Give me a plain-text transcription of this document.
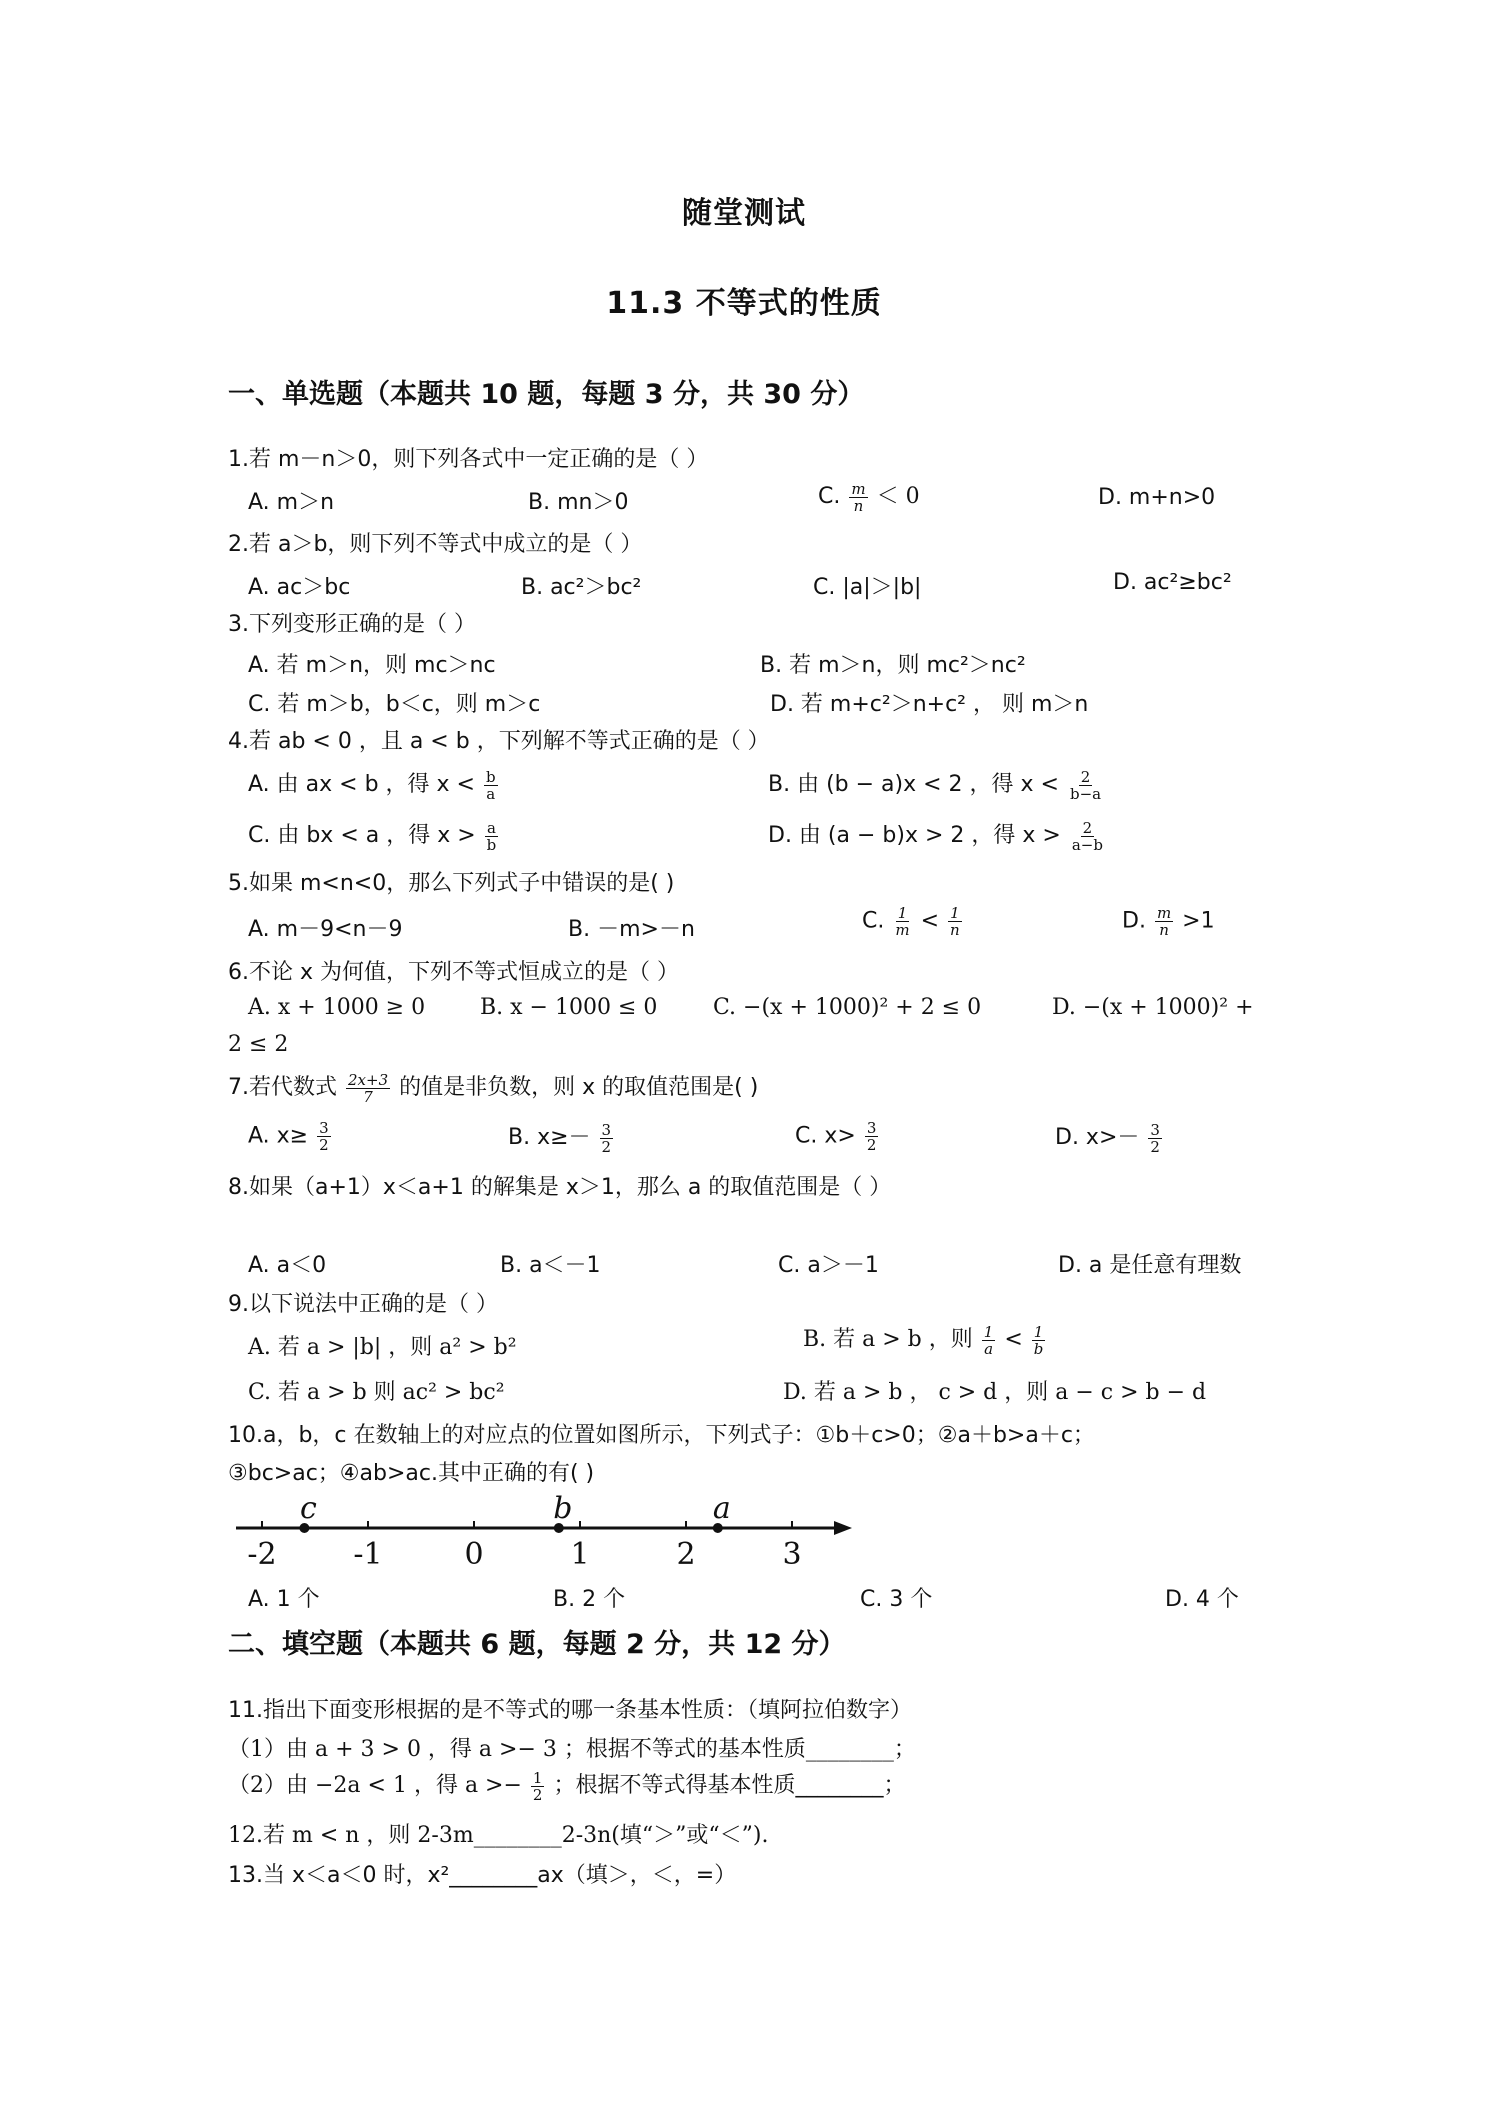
随堂测试
11.3 不等式的性质
一、单选题（本题共 10 题，每题 3 分，共 30 分）
1.若 m－n＞0，则下列各式中一定正确的是（ ）
A. m＞n	B. mn＞0	C. $\frac{m}{n} < 0$	D. m+n>0
2.若 a＞b，则下列不等式中成立的是（ ）
A. ac＞bc	B. ac²＞bc²	C. |a|＞|b|	D. ac²≥bc²
3.下列变形正确的是（ ）
A. 若 m＞n，则 mc＞nc	B. 若 m＞n，则 mc²＞nc²
C. 若 m＞b，b＜c，则 m＞c	D. 若 m+c²＞n+c² ， 则 m＞n
4.若 ab < 0 ，且 a < b ，下列解不等式正确的是（ ）
A. 由 ax < b ，得 $x < \frac{b}{a}$	B. 由 (b − a)x < 2 ，得 $x < \frac{2}{b-a}$
C. 由 bx < a ，得 $x > \frac{a}{b}$	D. 由 (a − b)x > 2 ，得 $x > \frac{2}{a-b}$
5.如果 m<n<0，那么下列式子中错误的是( )
A. m－9<n－9	B. －m>－n	C. $\frac{1}{m} < \frac{1}{n}$	D. $\frac{m}{n} >1$
6.不论 x 为何值，下列不等式恒成立的是（ ）
A. x + 1000 ≥ 0 B. x − 1000 ≤ 0	C. −(x + 1000)² + 2 ≤ 0	D. −(x + 1000)² +
2 ≤ 2
7.若代数式 $\frac{2x+3}{7}$ 的值是非负数，则 x 的取值范围是( )
A. $x\ge \frac{3}{2}$	B. $x\ge- \frac{3}{2}$	C. $x> \frac{3}{2}$	D. $x>- \frac{3}{2}$
8.如果（a+1）x＜a+1 的解集是 x＞1，那么 a 的取值范围是（ ）
A. a＜0	B. a＜－1	C. a＞－1	D. a 是任意有理数
9.以下说法中正确的是（ ）
A. 若 a > |b| ，则 a² > b²	B. 若 a > b ，则 $\frac{1}{a} < \frac{1}{b}$
C. 若 a > b 则 ac² > bc²	D. 若 a > b ， c > d ，则 a − c > b − d
10.a，b，c 在数轴上的对应点的位置如图所示，下列式子：①b＋c>0；②a＋b>a＋c；
③bc>ac；④ab>ac.其中正确的有( )
-2	-1	0	1	2	3
c	b	a
A. 1 个	B. 2 个	C. 3 个	D. 4 个
二、填空题（本题共 6 题，每题 2 分，共 12 分）
11.指出下面变形根据的是不等式的哪一条基本性质：（填阿拉伯数字）
（1）由 a + 3 > 0 ，得 a >− 3 ；根据不等式的基本性质________；
（2）由 −2a < 1 ，得 $a >- \frac{1}{2}$ ；根据不等式得基本性质________；
12.若 m < n ，则 2-3m________2-3n(填“＞”或“＜”).
13.当 x＜a＜0 时，x²________ax（填＞，＜，=）
